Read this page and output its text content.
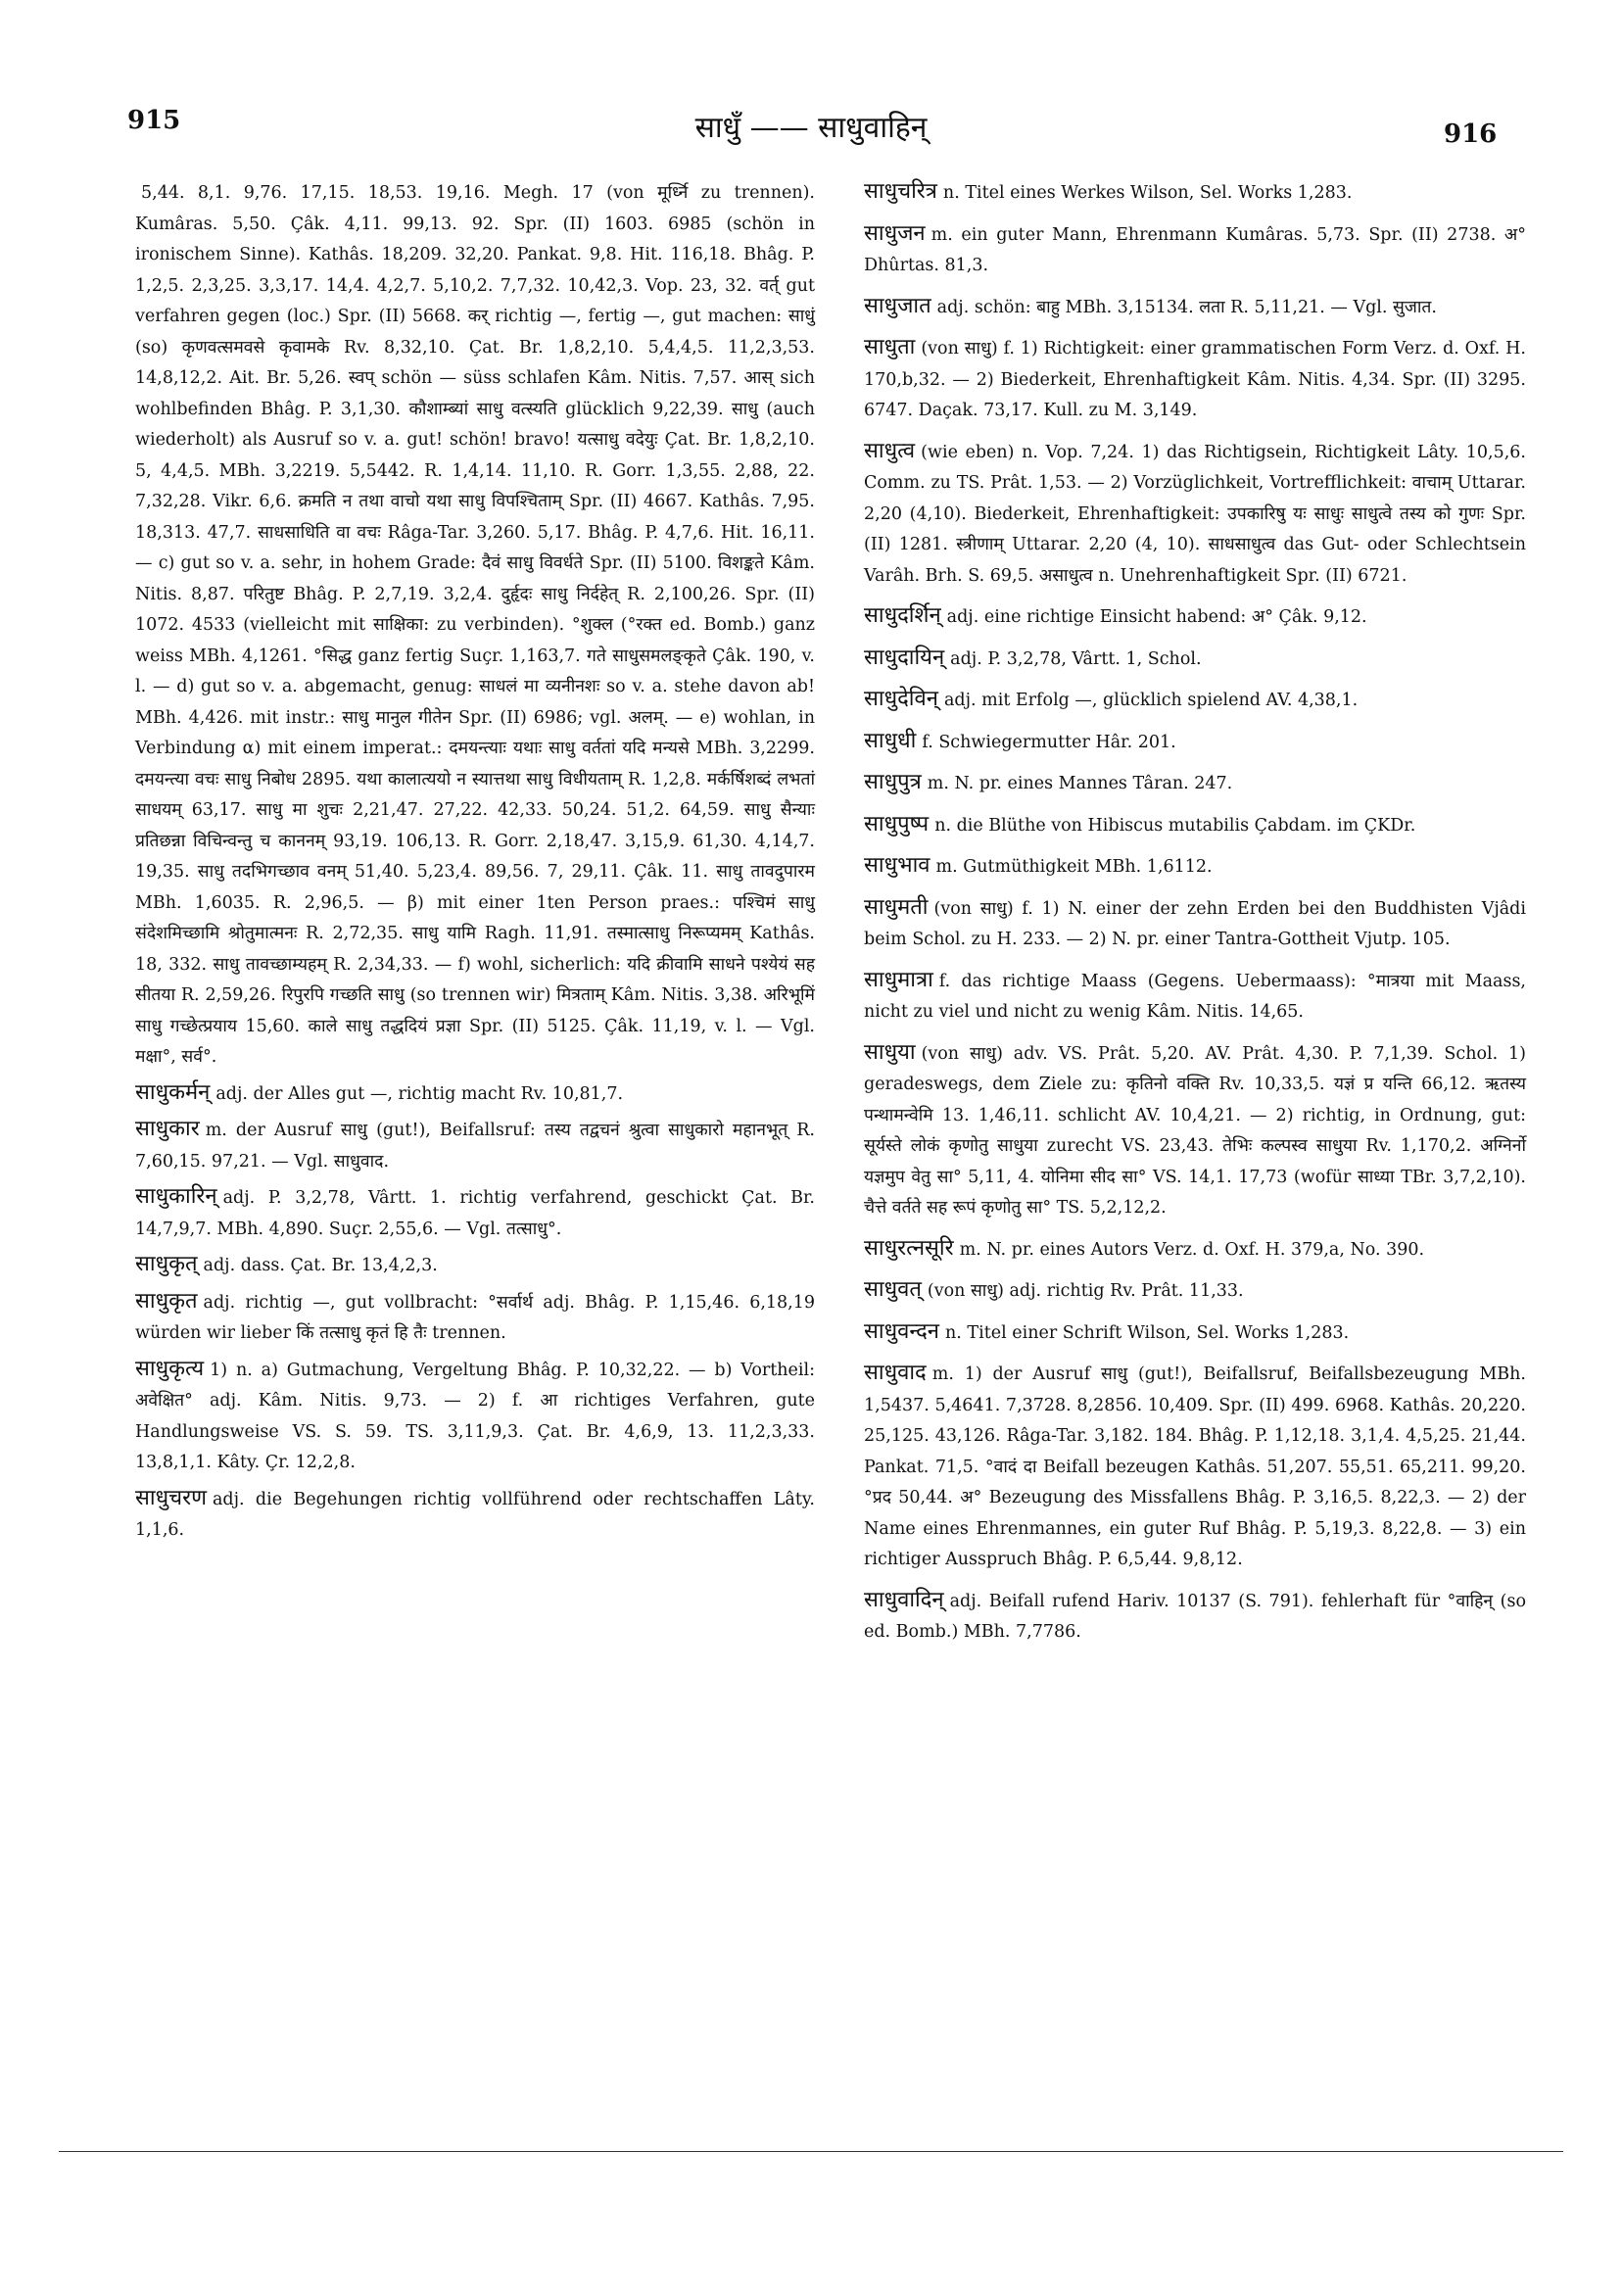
915	साधुँ —— साधुवाहिन्	916

5,44. 8,1. 9,76. 17,15. 18,53. 19,16. Megh. 17 (von मूर्ध्नि zu trennen). Kumâras. 5,50. Çâk. 4,11. 99,13. 92. Spr. (II) 1603. 6985 (schön in ironischem Sinne). Kathâs. 18,209. 32,20. Pankat. 9,8. Hit. 116,18. Bhâg. P. 1,2,5. 2,3,25. 3,3,17. 14,4. 4,2,7. 5,10,2. 7,7,32. 10,42,3. Vop. 23, 32. वर्त् gut verfahren gegen (loc.) Spr. (II) 5668. कर् richtig —, fertig —, gut machen: साधुं (so) कृणवत्समवसे कृवामके Rv. 8,32,10. Çat. Br. 1,8,2,10. 5,4,4,5. 11,2,3,53. 14,8,12,2. Ait. Br. 5,26. स्वप् schön — süss schlafen Kâm. Nitis. 7,57. आस् sich wohlbefinden Bhâg. P. 3,1,30. कौशाम्ब्यां साधु वत्स्यति glücklich 9,22,39. साधु (auch wiederholt) als Ausruf so v. a. gut! schön! bravo! यत्साधु वदेयुः Çat. Br. 1,8,2,10. 5, 4,4,5. MBh. 3,2219. 5,5442. R. 1,4,14. 11,10. R. Gorr. 1,3,55. 2,88, 22. 7,32,28. Vikr. 6,6. क्रमति न तथा वाचो यथा साधु विपश्चिताम् Spr. (II) 4667. Kathâs. 7,95. 18,313. 47,7. साधसाधिति वा वचः Râga-Tar. 3,260. 5,17. Bhâg. P. 4,7,6. Hit. 16,11. — c) gut so v. a. sehr, in hohem Grade: दैवं साधु विवर्धते Spr. (II) 5100. विशङ्कते Kâm. Nitis. 8,87. परितुष्ट Bhâg. P. 2,7,19. 3,2,4. दुर्हृदः साधु निर्दहेत् R. 2,100,26. Spr. (II) 1072. 4533 (vielleicht mit साक्षिका: zu verbinden). °शुक्ल (°रक्त ed. Bomb.) ganz weiss MBh. 4,1261. °सिद्ध ganz fertig Suçr. 1,163,7. गते साधुसमलङ्कृते Çâk. 190, v. l. — d) gut so v. a. abgemacht, genug: साधलं मा व्यनीनशः so v. a. stehe davon ab! MBh. 4,426. mit instr.: साधु मानुल गीतेन Spr. (II) 6986; vgl. अलम्. — e) wohlan, in Verbindung α) mit einem imperat.: दमयन्त्याः यथाः साधु वर्ततां यदि मन्यसे MBh. 3,2299. दमयन्त्या वचः साधु निबोध 2895. यथा कालात्ययो न स्यात्तथा साधु विधीयताम् R. 1,2,8. मर्कर्षिशब्दं लभतां साधयम् 63,17. साधु मा शुचः 2,21,47. 27,22. 42,33. 50,24. 51,2. 64,59. साधु सैन्याः प्रतिछन्ना विचिन्वन्तु च काननम् 93,19. 106,13. R. Gorr. 2,18,47. 3,15,9. 61,30. 4,14,7. 19,35. साधु तदभिगच्छाव वनम् 51,40. 5,23,4. 89,56. 7, 29,11. Çâk. 11. साधु तावदुपारम MBh. 1,6035. R. 2,96,5. — β) mit einer 1ten Person praes.: पश्चिमं साधु संदेशमिच्छामि श्रोतुमात्मनः R. 2,72,35. साधु यामि Ragh. 11,91. तस्मात्साधु निरूप्यमम् Kathâs. 18, 332. साधु तावच्छाम्यहम् R. 2,34,33. — f) wohl, sicherlich: यदि क्रीवामि साधने पश्येयं सह सीतया R. 2,59,26. रिपुरपि गच्छति साधु (so trennen wir) मित्रताम् Kâm. Nitis. 3,38. अरिभूमिं साधु गच्छेत्प्रयाय 15,60. काले साधु तद्धदियं प्रज्ञा Spr. (II) 5125. Çâk. 11,19, v. l. — Vgl. मक्षा°, सर्व°.

साधुकर्मन् adj. der Alles gut —, richtig macht Rv. 10,81,7.

साधुकार m. der Ausruf साधु (gut!), Beifallsruf: तस्य तद्वचनं श्रुत्वा साधुकारो महानभूत् R. 7,60,15. 97,21. — Vgl. साधुवाद.

साधुकारिन् adj. P. 3,2,78, Vârtt. 1. richtig verfahrend, geschickt Çat. Br. 14,7,9,7. MBh. 4,890. Suçr. 2,55,6. — Vgl. तत्साधु°.

साधुकृत् adj. dass. Çat. Br. 13,4,2,3.

साधुकृत adj. richtig —, gut vollbracht: °सर्वार्थ adj. Bhâg. P. 1,15,46. 6,18,19 würden wir lieber किं तत्साधु कृतं हि तैः trennen.

साधुकृत्य 1) n. a) Gutmachung, Vergeltung Bhâg. P. 10,32,22. — b) Vortheil: अवेक्षित° adj. Kâm. Nitis. 9,73. — 2) f. आ richtiges Verfahren, gute Handlungsweise VS. S. 59. TS. 3,11,9,3. Çat. Br. 4,6,9, 13. 11,2,3,33. 13,8,1,1. Kâty. Çr. 12,2,8.

साधुचरण adj. die Begehungen richtig vollführend oder rechtschaffen Lâty. 1,1,6.

साधुचरित्र n. Titel eines Werkes Wilson, Sel. Works 1,283.

साधुजन m. ein guter Mann, Ehrenmann Kumâras. 5,73. Spr. (II) 2738. अ° Dhûrtas. 81,3.

साधुजात adj. schön: बाहु MBh. 3,15134. लता R. 5,11,21. — Vgl. सुजात.

साधुता (von साधु) f. 1) Richtigkeit: einer grammatischen Form Verz. d. Oxf. H. 170,b,32. — 2) Biederkeit, Ehrenhaftigkeit Kâm. Nitis. 4,34. Spr. (II) 3295. 6747. Daçak. 73,17. Kull. zu M. 3,149.

साधुत्व (wie eben) n. Vop. 7,24. 1) das Richtigsein, Richtigkeit Lâty. 10,5,6. Comm. zu TS. Prât. 1,53. — 2) Vorzüglichkeit, Vortrefflichkeit: वाचाम् Uttarar. 2,20 (4,10). Biederkeit, Ehrenhaftigkeit: उपकारिषु यः साधुः साधुत्वे तस्य को गुणः Spr. (II) 1281. स्त्रीणाम् Uttarar. 2,20 (4, 10). साधसाधुत्व das Gut- oder Schlechtsein Varâh. Brh. S. 69,5. असाधुत्व n. Unehrenhaftigkeit Spr. (II) 6721.

साधुदर्शिन् adj. eine richtige Einsicht habend: अ° Çâk. 9,12.

साधुदायिन् adj. P. 3,2,78, Vârtt. 1, Schol.

साधुदेविन् adj. mit Erfolg —, glücklich spielend AV. 4,38,1.

साधुधी f. Schwiegermutter Hâr. 201.

साधुपुत्र m. N. pr. eines Mannes Târan. 247.

साधुपुष्प n. die Blüthe von Hibiscus mutabilis Çabdam. im ÇKDr.

साधुभाव m. Gutmüthigkeit MBh. 1,6112.

साधुमती (von साधु) f. 1) N. einer der zehn Erden bei den Buddhisten Vjâdi beim Schol. zu H. 233. — 2) N. pr. einer Tantra-Gottheit Vjutp. 105.

साधुमात्रा f. das richtige Maass (Gegens. Uebermaass): °मात्रया mit Maass, nicht zu viel und nicht zu wenig Kâm. Nitis. 14,65.

साधुया (von साधु) adv. VS. Prât. 5,20. AV. Prât. 4,30. P. 7,1,39. Schol. 1) geradeswegs, dem Ziele zu: कृतिनो वक्ति Rv. 10,33,5. यज्ञं प्र यन्ति 66,12. ऋतस्य पन्थामन्वेमि 13. 1,46,11. schlicht AV. 10,4,21. — 2) richtig, in Ordnung, gut: सूर्यस्ते लोकं कृणोतु साधुया zurecht VS. 23,43. तेभिः कल्पस्व साधुया Rv. 1,170,2. अग्निर्नो यज्ञमुप वेतु सा° 5,11, 4. योनिमा सीद सा° VS. 14,1. 17,73 (wofür साध्या TBr. 3,7,2,10). चैत्ते वर्तते सह रूपं कृणोतु सा° TS. 5,2,12,2.

साधुरत्नसूरि m. N. pr. eines Autors Verz. d. Oxf. H. 379,a, No. 390.

साधुवत् (von साधु) adj. richtig Rv. Prât. 11,33.

साधुवन्दन n. Titel einer Schrift Wilson, Sel. Works 1,283.

साधुवाद m. 1) der Ausruf साधु (gut!), Beifallsruf, Beifallsbezeugung MBh. 1,5437. 5,4641. 7,3728. 8,2856. 10,409. Spr. (II) 499. 6968. Kathâs. 20,220. 25,125. 43,126. Râga-Tar. 3,182. 184. Bhâg. P. 1,12,18. 3,1,4. 4,5,25. 21,44. Pankat. 71,5. °वादं दा Beifall bezeugen Kathâs. 51,207. 55,51. 65,211. 99,20. °प्रद 50,44. अ° Bezeugung des Missfallens Bhâg. P. 3,16,5. 8,22,3. — 2) der Name eines Ehrenmannes, ein guter Ruf Bhâg. P. 5,19,3. 8,22,8. — 3) ein richtiger Ausspruch Bhâg. P. 6,5,44. 9,8,12.

साधुवादिन् adj. Beifall rufend Hariv. 10137 (S. 791). fehlerhaft für °वाहिन् (so ed. Bomb.) MBh. 7,7786.
